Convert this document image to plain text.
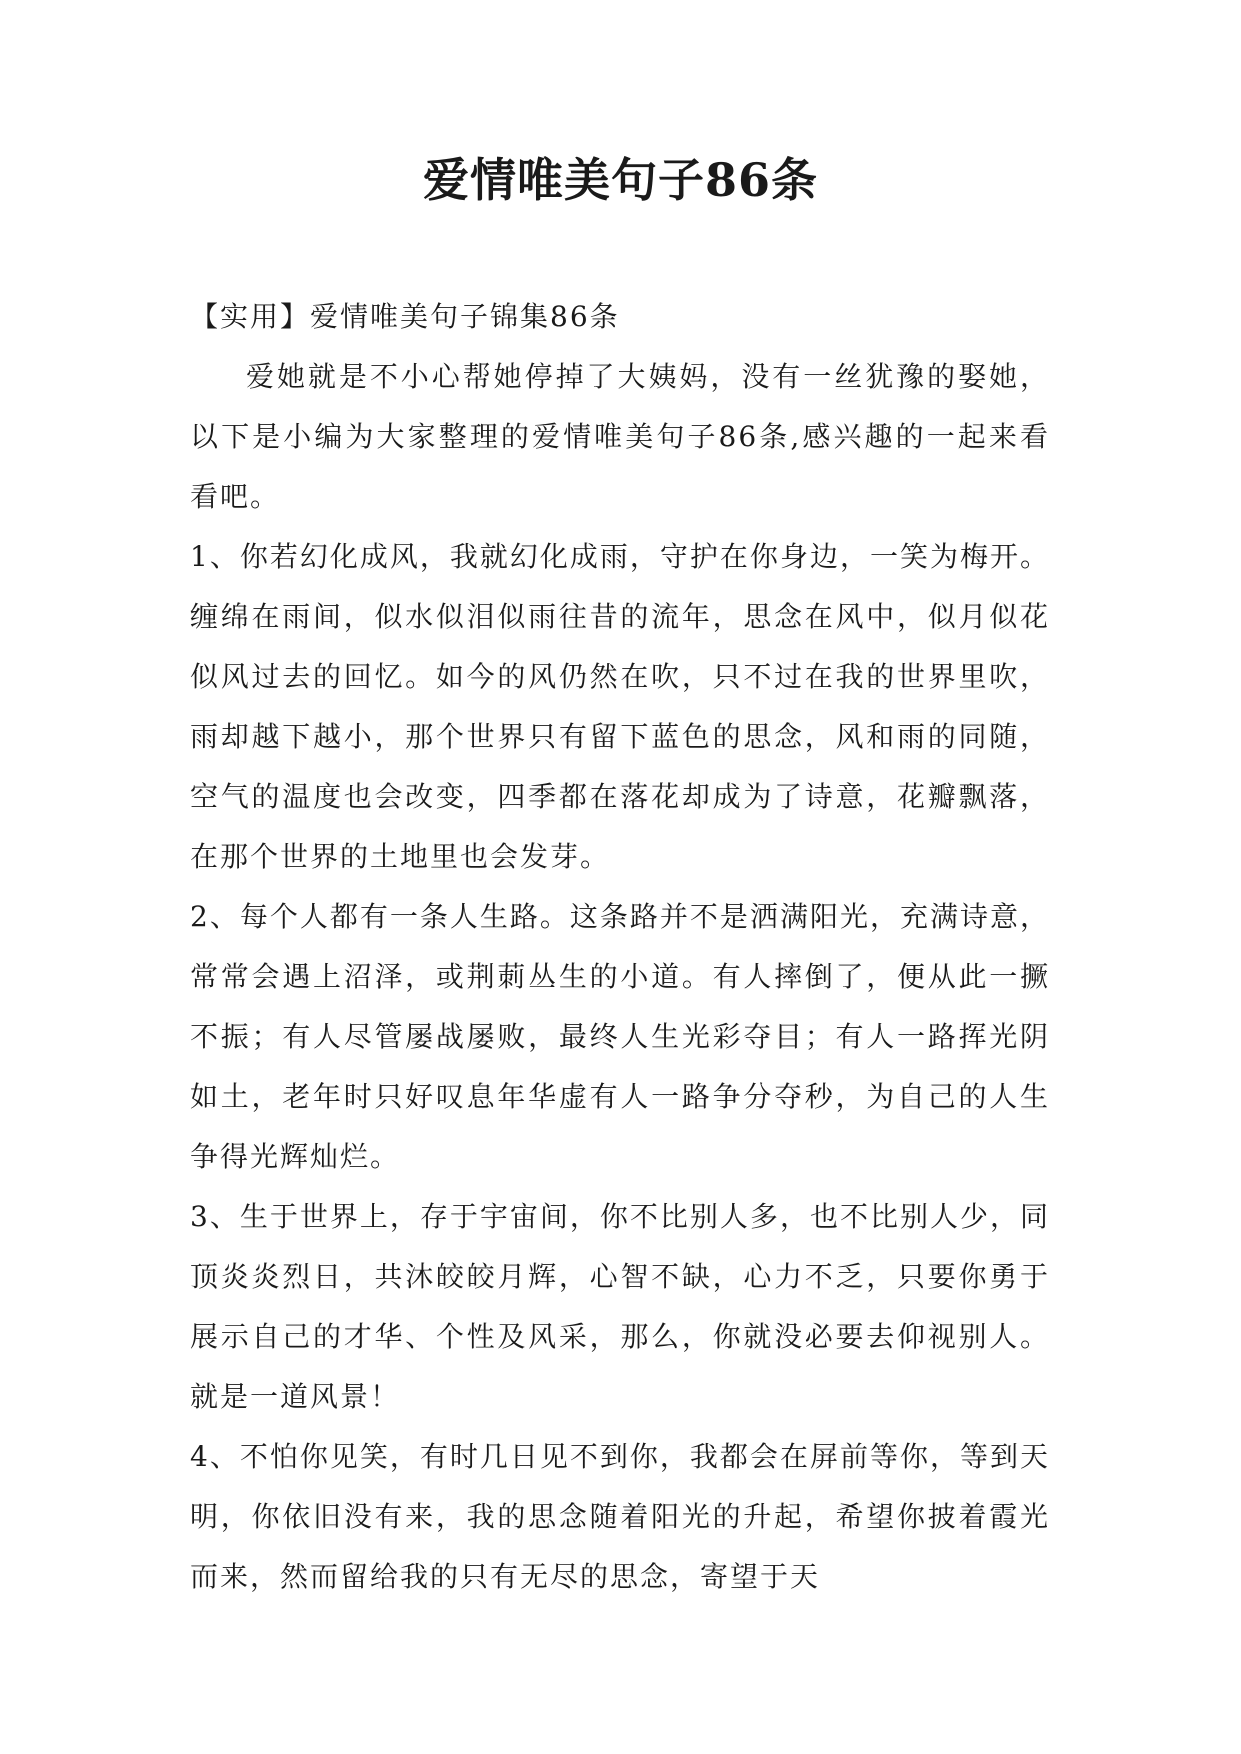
爱情唯美句子86条

【实用】爱情唯美句子锦集86条

爱她就是不小心帮她停掉了大姨妈，没有一丝犹豫的娶她，以下是小编为大家整理的爱情唯美句子86条,感兴趣的一起来看看吧。

1、你若幻化成风，我就幻化成雨，守护在你身边，一笑为梅开。缠绵在雨间，似水似泪似雨往昔的流年，思念在风中，似月似花似风过去的回忆。如今的风仍然在吹，只不过在我的世界里吹，雨却越下越小，那个世界只有留下蓝色的思念，风和雨的同随，空气的温度也会改变，四季都在落花却成为了诗意，花瓣飘落，在那个世界的土地里也会发芽。

2、每个人都有一条人生路。这条路并不是洒满阳光，充满诗意，常常会遇上沼泽，或荆莿丛生的小道。有人摔倒了，便从此一撅不振；有人尽管屡战屡败，最终人生光彩夺目；有人一路挥光阴如土，老年时只好叹息年华虚有人一路争分夺秒，为自己的人生争得光辉灿烂。

3、生于世界上，存于宇宙间，你不比别人多，也不比别人少，同顶炎炎烈日，共沐皎皎月辉，心智不缺，心力不乏，只要你勇于展示自己的才华、个性及风采，那么，你就没必要去仰视别人。就是一道风景！

4、不怕你见笑，有时几日见不到你，我都会在屏前等你，等到天明，你依旧没有来，我的思念随着阳光的升起，希望你披着霞光而来，然而留给我的只有无尽的思念，寄望于天
